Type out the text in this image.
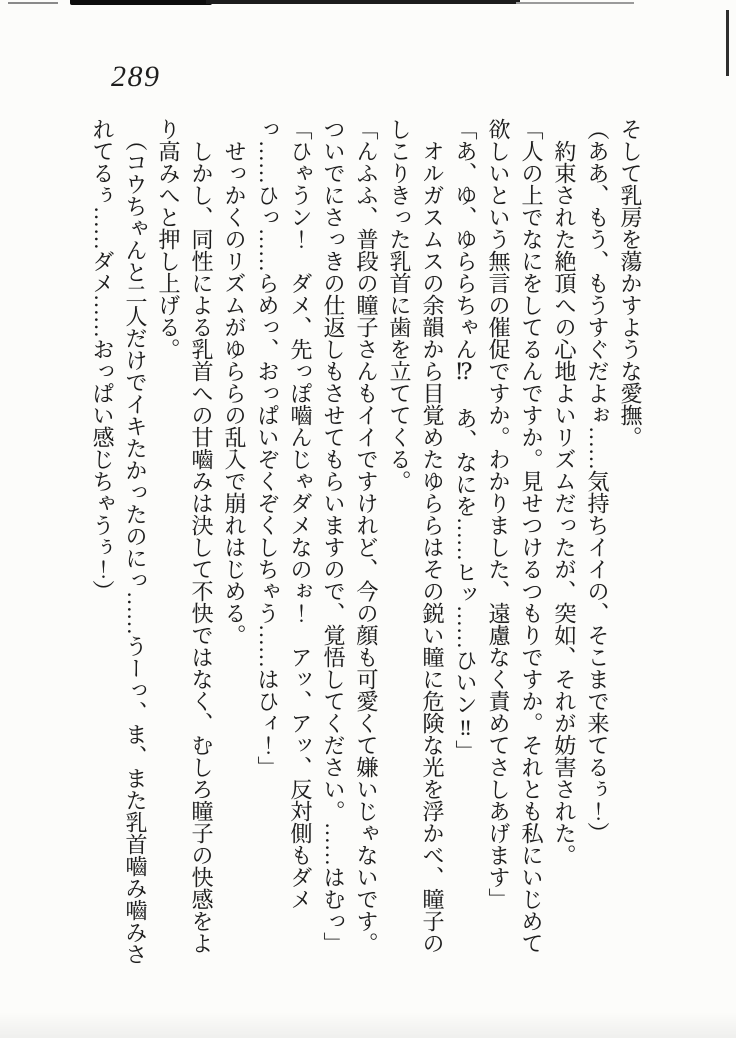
289

そして乳房を蕩かすような愛撫。

（ああ、もう、もうすぐだよぉ……気持ちイイの、そこまで来てるぅ！）

約束された絶頂への心地よいリズムだったが、突如、それが妨害された。

「人の上でなにをしてるんですか。見せつけるつもりですか。それとも私にいじめて欲しいという無言の催促ですか。わかりました、遠慮なく責めてさしあげます」

「あ、ゆ、ゆららちゃん⁉　あ、なにを……ヒッ……ひいン‼」

オルガスムスの余韻から目覚めたゆららはその鋭い瞳に危険な光を浮かべ、瞳子のしこりきった乳首に歯を立ててくる。

「んふふ、普段の瞳子さんもイイですけれど、今の顔も可愛くて嫌いじゃないです。ついでにさっきの仕返しもさせてもらいますので、覚悟してください。……はむっ」

「ひゃうン！　ダメ、先っぽ嚙んじゃダメなのぉ！　アッ、アッ、反対側もダメっ……ひっ……らめっ、おっぱいぞくぞくしちゃう……はひィ！」

せっかくのリズムがゆららの乱入で崩れはじめる。

しかし、同性による乳首への甘嚙みは決して不快ではなく、むしろ瞳子の快感をより高みへと押し上げる。

（コウちゃんと二人だけでイキたかったのにっ……うーっ、ま、また乳首嚙み嚙みされてるぅ……ダメ……おっぱい感じちゃうぅ！）
